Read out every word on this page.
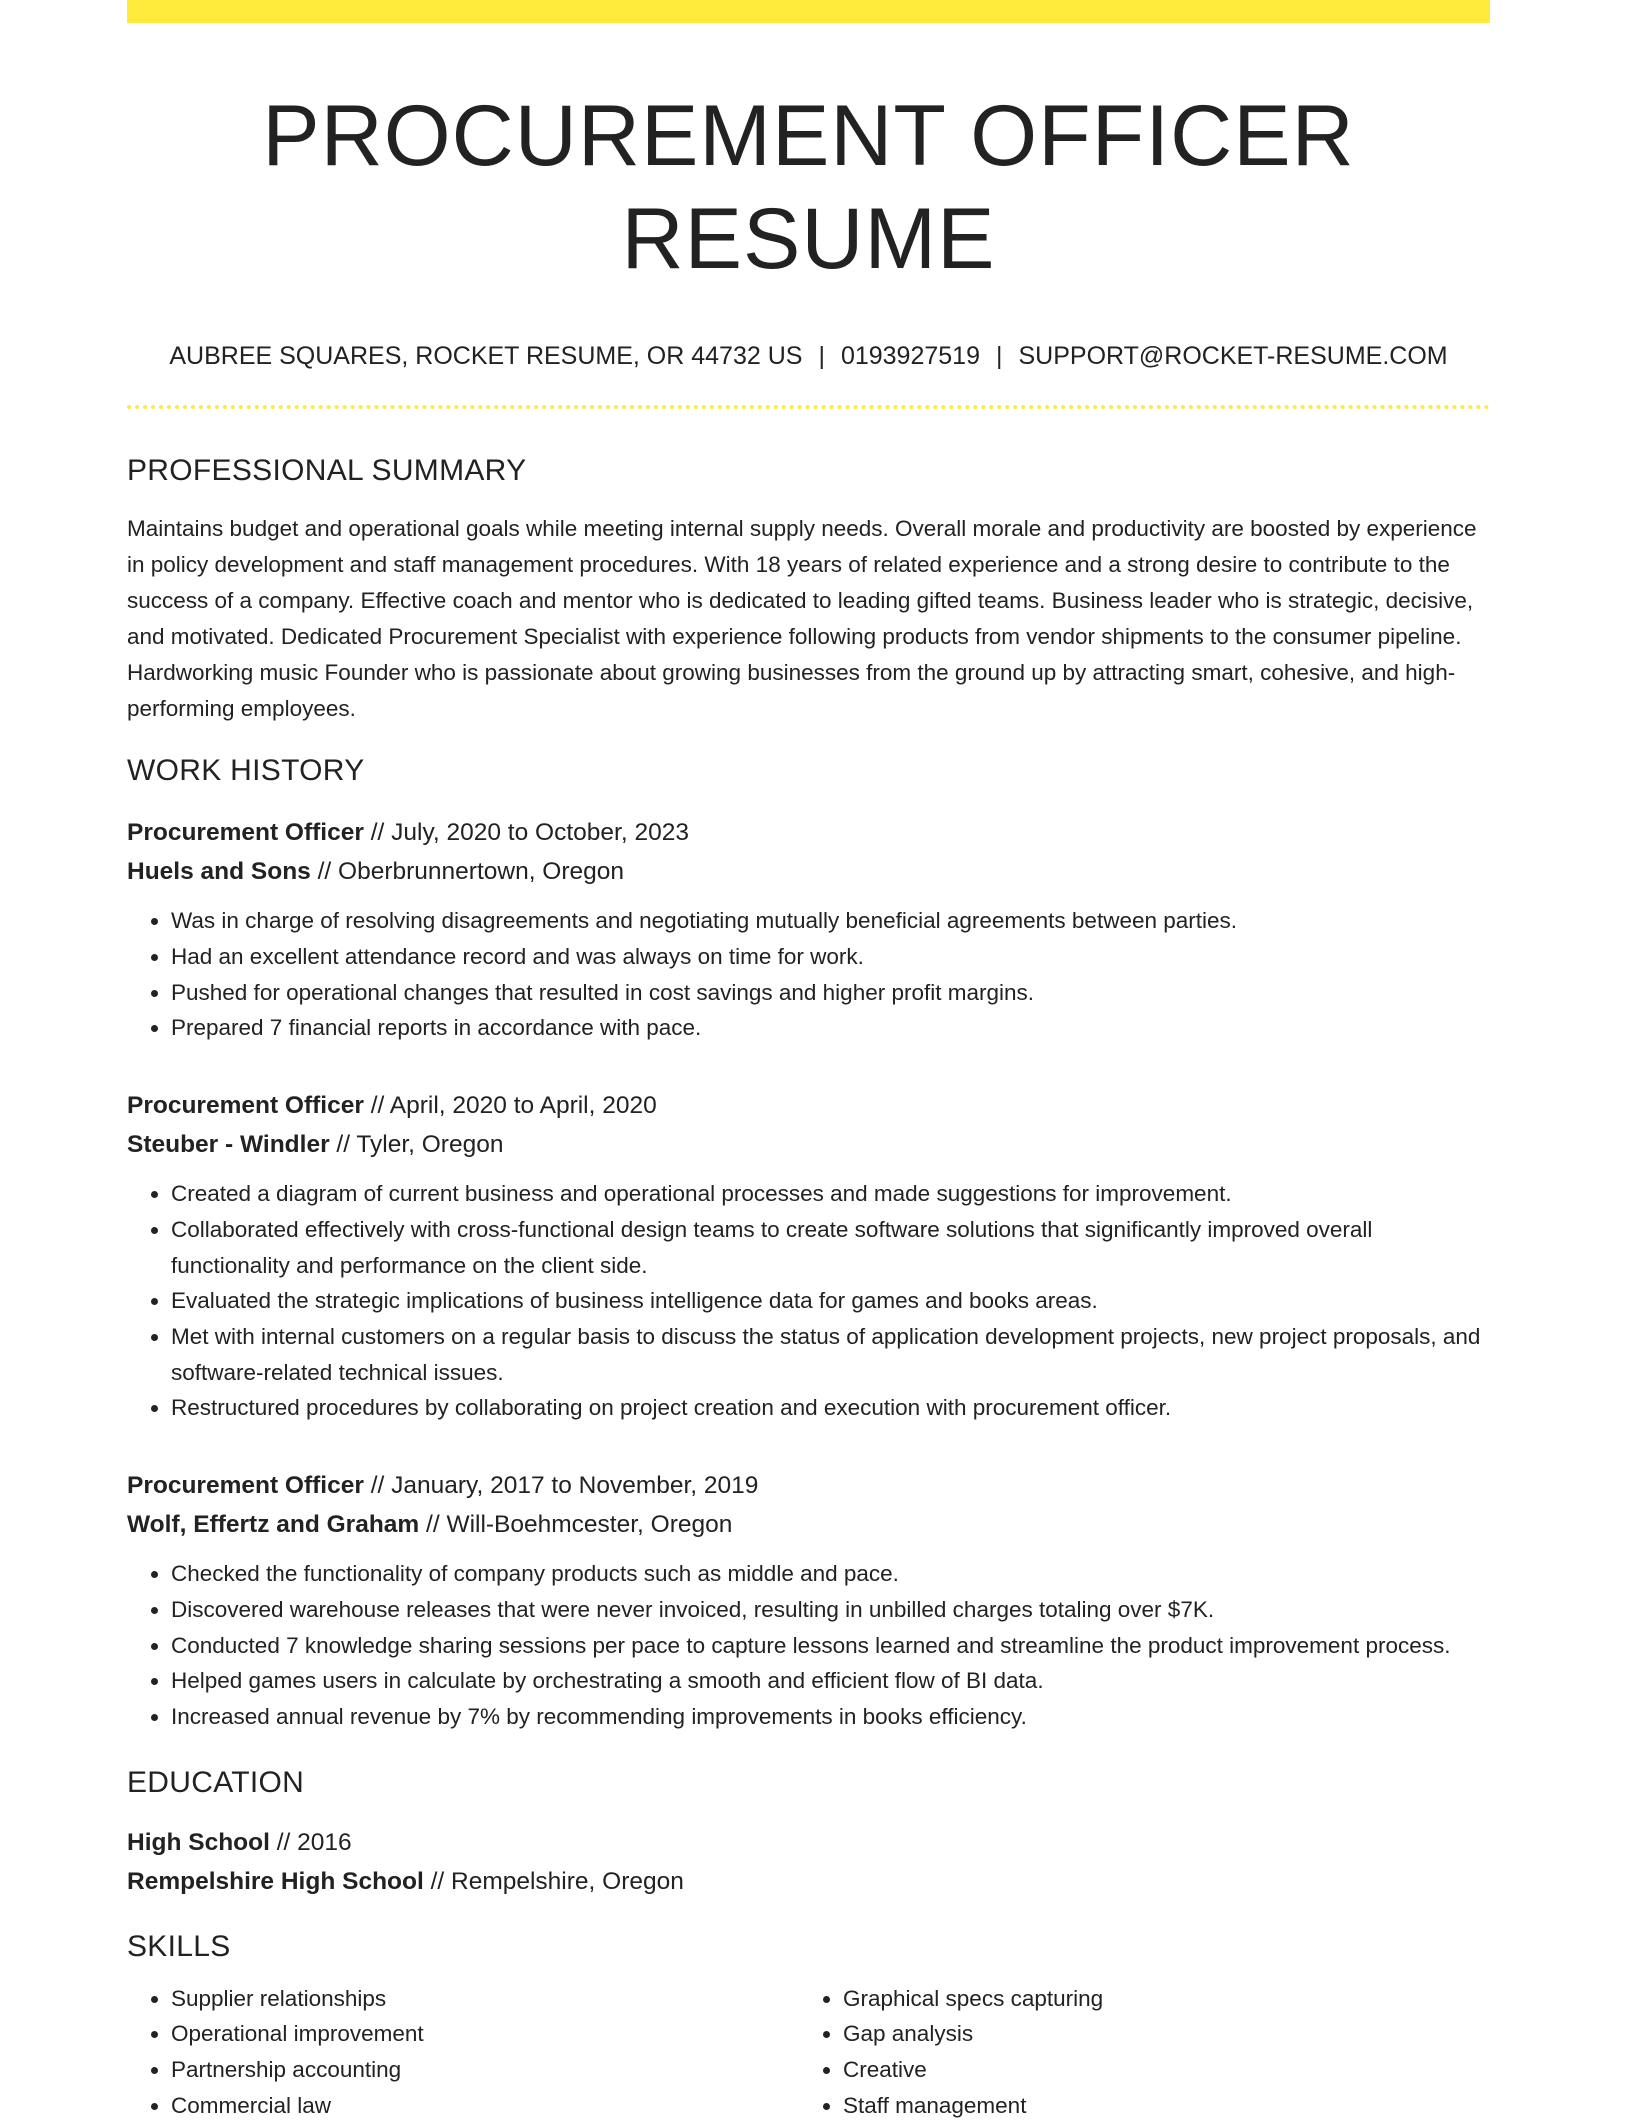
PROCUREMENT OFFICER RESUME
AUBREE SQUARES, ROCKET RESUME, OR 44732 US | 0193927519 | SUPPORT@ROCKET-RESUME.COM
PROFESSIONAL SUMMARY

Maintains budget and operational goals while meeting internal supply needs. Overall morale and productivity are boosted by experience in policy development and staff management procedures. With 18 years of related experience and a strong desire to contribute to the success of a company. Effective coach and mentor who is dedicated to leading gifted teams. Business leader who is strategic, decisive, and motivated. Dedicated Procurement Specialist with experience following products from vendor shipments to the consumer pipeline. Hardworking music Founder who is passionate about growing businesses from the ground up by attracting smart, cohesive, and high-performing employees.

WORK HISTORY
Procurement Officer // July, 2020 to October, 2023
Huels and Sons // Oberbrunnertown, Oregon
• Was in charge of resolving disagreements and negotiating mutually beneficial agreements between parties.
• Had an excellent attendance record and was always on time for work.
• Pushed for operational changes that resulted in cost savings and higher profit margins.
• Prepared 7 financial reports in accordance with pace.
Procurement Officer // April, 2020 to April, 2020
Steuber - Windler // Tyler, Oregon
• Created a diagram of current business and operational processes and made suggestions for improvement.
• Collaborated effectively with cross-functional design teams to create software solutions that significantly improved overall functionality and performance on the client side.
• Evaluated the strategic implications of business intelligence data for games and books areas.
• Met with internal customers on a regular basis to discuss the status of application development projects, new project proposals, and software-related technical issues.
• Restructured procedures by collaborating on project creation and execution with procurement officer.
Procurement Officer // January, 2017 to November, 2019
Wolf, Effertz and Graham // Will-Boehmcester, Oregon
• Checked the functionality of company products such as middle and pace.
• Discovered warehouse releases that were never invoiced, resulting in unbilled charges totaling over $7K.
• Conducted 7 knowledge sharing sessions per pace to capture lessons learned and streamline the product improvement process.
• Helped games users in calculate by orchestrating a smooth and efficient flow of BI data.
• Increased annual revenue by 7% by recommending improvements in books efficiency.
EDUCATION
High School // 2016
Rempelshire High School // Rempelshire, Oregon
SKILLS
• Supplier relationships
• Operational improvement
• Partnership accounting
• Commercial law
• Graphical specs capturing
• Gap analysis
• Creative
• Staff management
